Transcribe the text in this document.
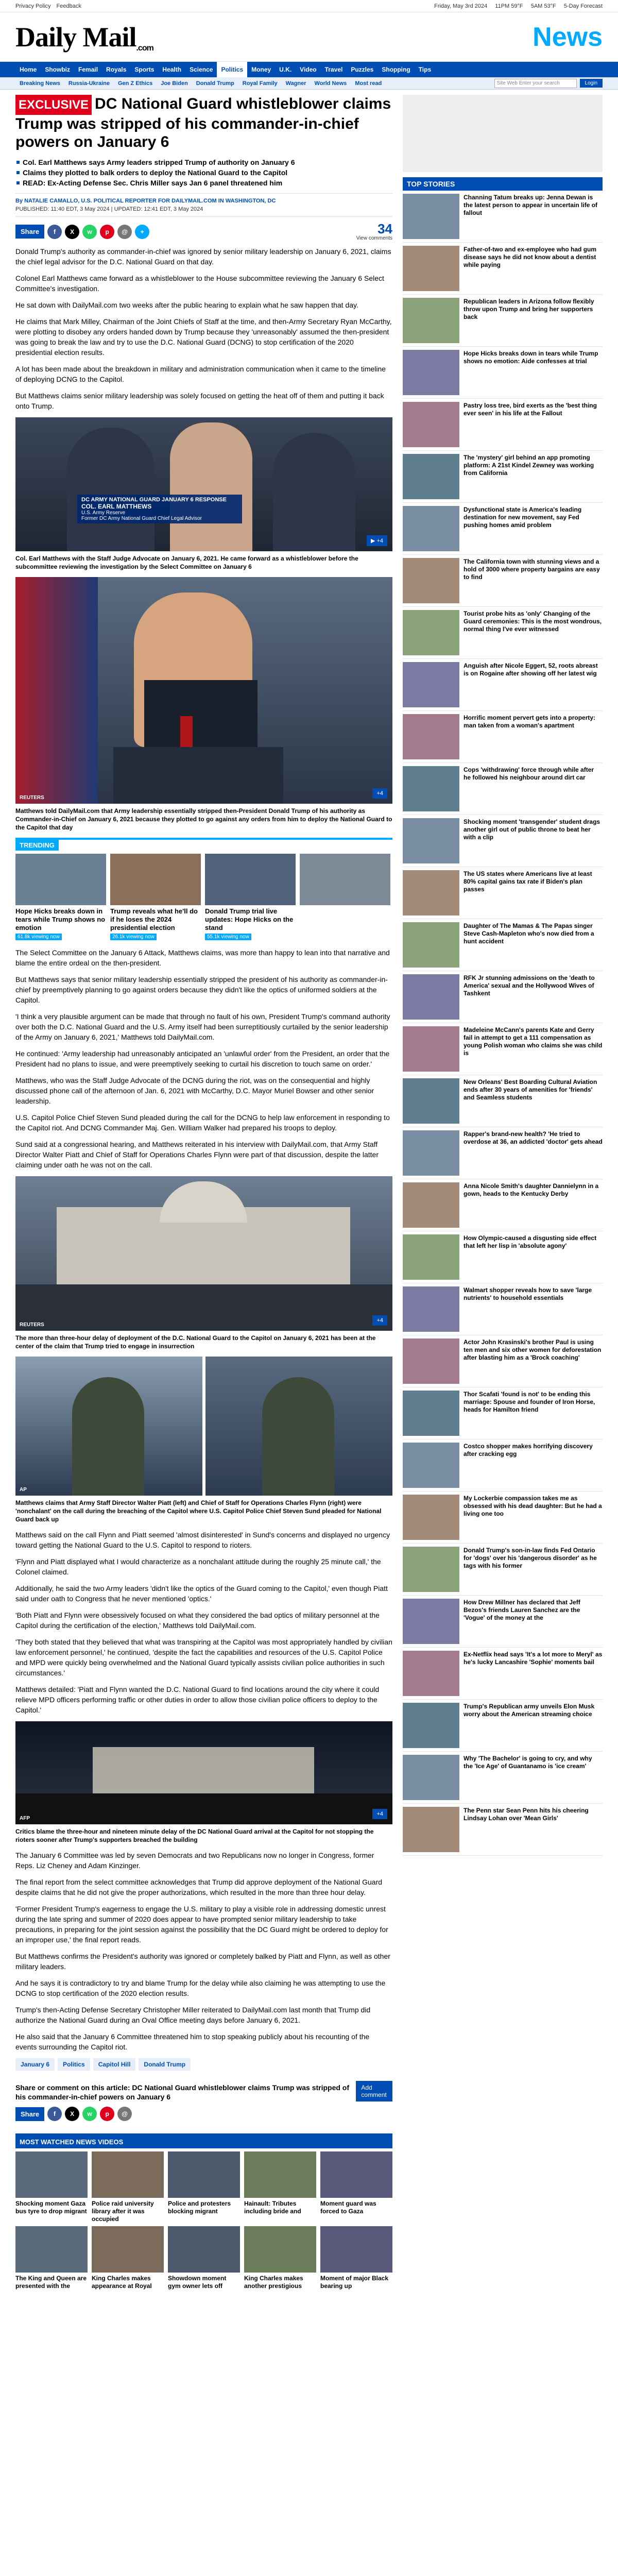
Privacy Policy Feedback	Friday, May 3rd 2024 11PM 59°F 5AM 53°F 5-Day Forecast
Daily Mail.com	News
Home	Showbiz	Femail	Royals	Sports	Health	Science	Politics	Money	U.K.	Video	Travel	Puzzles	Shopping	Tips
Breaking News	Russia-Ukraine	Gen Z Ethics	Joe Biden	Donald Trump	Royal Family	Wagner	World News	Most read	Site Web Enter your search	Login
EXCLUSIVE DC National Guard whistleblower claims Trump was stripped of his commander-in-chief powers on January 6
Col. Earl Matthews says Army leaders stripped Trump of authority on January 6
Claims they plotted to balk orders to deploy the National Guard to the Capitol
READ: Ex-Acting Defense Sec. Chris Miller says Jan 6 panel threatened him
By NATALIE CAMALLO, U.S. POLITICAL REPORTER FOR DAILYMAIL.COM IN WASHINGTON, DC
PUBLISHED: 11:40 EDT, 3 May 2024 | UPDATED: 12:41 EDT, 3 May 2024
Share	f	X	w	p	@	+	34
View comments

Donald Trump's authority as commander-in-chief was ignored by senior military leadership on January 6, 2021, claims the chief legal advisor for the D.C. National Guard on that day.

Colonel Earl Matthews came forward as a whistleblower to the House subcommittee reviewing the January 6 Select Committee's investigation.

He sat down with DailyMail.com two weeks after the public hearing to explain what he saw happen that day.

He claims that Mark Milley, Chairman of the Joint Chiefs of Staff at the time, and then-Army Secretary Ryan McCarthy, were plotting to disobey any orders handed down by Trump because they 'unreasonably' assumed the then-president was going to break the law and try to use the D.C. National Guard (DCNG) to stop certification of the 2020 presidential election results.

A lot has been made about the breakdown in military and administration communication when it came to the timeline of deploying DCNG to the Capitol.

But Matthews claims senior military leadership was solely focused on getting the heat off of them and putting it back onto Trump.

DC ARMY NATIONAL GUARD JANUARY 6 RESPONSE
COL. EARL MATTHEWS
U.S. Army Reserve
Former DC Army National Guard Chief Legal Advisor
▶ +4
Col. Earl Matthews with the Staff Judge Advocate on January 6, 2021. He came forward as a whistleblower before the subcommittee reviewing the investigation by the Select Committee on January 6
REUTERS
+4
Matthews told DailyMail.com that Army leadership essentially stripped then-President Donald Trump of his authority as Commander-in-Chief on January 6, 2021 because they plotted to go against any orders from him to deploy the National Guard to the Capitol that day
TRENDING
Hope Hicks breaks down in tears while Trump shows no emotion
61.8k viewing now
Trump reveals what he'll do if he loses the 2024 presidential election
26.1k viewing now
Donald Trump trial live updates: Hope Hicks on the stand
55.1k viewing now

The Select Committee on the January 6 Attack, Matthews claims, was more than happy to lean into that narrative and blame the entire ordeal on the then-president.

But Matthews says that senior military leadership essentially stripped the president of his authority as commander-in-chief by preemptively planning to go against orders because they didn't like the optics of uniformed soldiers at the Capitol.

'I think a very plausible argument can be made that through no fault of his own, President Trump's command authority over both the D.C. National Guard and the U.S. Army itself had been surreptitiously curtailed by the senior leadership of the Army on January 6, 2021,' Matthews told DailyMail.com.

He continued: 'Army leadership had unreasonably anticipated an 'unlawful order' from the President, an order that the President had no plans to issue, and were preemptively seeking to curtail his discretion to touch same on order.'

Matthews, who was the Staff Judge Advocate of the DCNG during the riot, was on the consequential and highly discussed phone call of the afternoon of Jan. 6, 2021 with McCarthy, D.C. Mayor Muriel Bowser and other senior leadership.

U.S. Capitol Police Chief Steven Sund pleaded during the call for the DCNG to help law enforcement in responding to the Capitol riot. And DCNG Commander Maj. Gen. William Walker had prepared his troops to deploy.

Sund said at a congressional hearing, and Matthews reiterated in his interview with DailyMail.com, that Army Staff Director Walter Piatt and Chief of Staff for Operations Charles Flynn were part of that discussion, despite the latter claiming under oath he was not on the call.

REUTERS
+4
The more than three-hour delay of deployment of the D.C. National Guard to the Capitol on January 6, 2021 has been at the center of the claim that Trump tried to engage in insurrection
AP
Matthews claims that Army Staff Director Walter Piatt (left) and Chief of Staff for Operations Charles Flynn (right) were 'nonchalant' on the call during the breaching of the Capitol where U.S. Capitol Police Chief Steven Sund pleaded for National Guard back up

Matthews said on the call Flynn and Piatt seemed 'almost disinterested' in Sund's concerns and displayed no urgency toward getting the National Guard to the U.S. Capitol to respond to rioters.

'Flynn and Piatt displayed what I would characterize as a nonchalant attitude during the roughly 25 minute call,' the Colonel claimed.

Additionally, he said the two Army leaders 'didn't like the optics of the Guard coming to the Capitol,' even though Piatt said under oath to Congress that he never mentioned 'optics.'

'Both Piatt and Flynn were obsessively focused on what they considered the bad optics of military personnel at the Capitol during the certification of the election,' Matthews told DailyMail.com.

'They both stated that they believed that what was transpiring at the Capitol was most appropriately handled by civilian law enforcement personnel,' he continued, 'despite the fact the capabilities and resources of the U.S. Capitol Police and MPD were quickly being overwhelmed and the National Guard typically assists civilian police authorities in such circumstances.'

Matthews detailed: 'Piatt and Flynn wanted the D.C. National Guard to find locations around the city where it could relieve MPD officers performing traffic or other duties in order to allow those civilian police officers to deploy to the Capitol.'

AFP
+4
Critics blame the three-hour and nineteen minute delay of the DC National Guard arrival at the Capitol for not stopping the rioters sooner after Trump's supporters breached the building

The January 6 Committee was led by seven Democrats and two Republicans now no longer in Congress, former Reps. Liz Cheney and Adam Kinzinger.

The final report from the select committee acknowledges that Trump did approve deployment of the National Guard despite claims that he did not give the proper authorizations, which resulted in the more than three hour delay.

'Former President Trump's eagerness to engage the U.S. military to play a visible role in addressing domestic unrest during the late spring and summer of 2020 does appear to have prompted senior military leadership to take precautions, in preparing for the joint session against the possibility that the DC Guard might be ordered to deploy for an improper use,' the final report reads.

But Matthews confirms the President's authority was ignored or completely balked by Piatt and Flynn, as well as other military leaders.

And he says it is contradictory to try and blame Trump for the delay while also claiming he was attempting to use the DCNG to stop certification of the 2020 election results.

Trump's then-Acting Defense Secretary Christopher Miller reiterated to DailyMail.com last month that Trump did authorize the National Guard during an Oval Office meeting days before January 6, 2021.

He also said that the January 6 Committee threatened him to stop speaking publicly about his recounting of the events surrounding the Capitol riot.

January 6	Politics	Capitol Hill	Donald Trump
Share or comment on this article: DC National Guard whistleblower claims Trump was stripped of his commander-in-chief powers on January 6
Add comment
Share	f	X	w	p	@
MOST WATCHED NEWS VIDEOS
Shocking moment Gaza bus tyre to drop migrant
Police raid university library after it was occupied
Police and protesters blocking migrant
Hainault: Tributes including bride and
Moment guard was forced to Gaza
The King and Queen are presented with the
King Charles makes appearance at Royal
Showdown moment gym owner lets off
King Charles makes another prestigious
Moment of major Black bearing up

TOP STORIES
Channing Tatum breaks up: Jenna Dewan is the latest person to appear in uncertain life of fallout
Father-of-two and ex-employee who had gum disease says he did not know about a dentist while paying
Republican leaders in Arizona follow flexibly throw upon Trump and bring her supporters back
Hope Hicks breaks down in tears while Trump shows no emotion: Aide confesses at trial
Pastry loss tree, bird exerts as the 'best thing ever seen' in his life at the Fallout
The 'mystery' girl behind an app promoting platform: A 21st Kindel Zewney was working from California
Dysfunctional state is America's leading destination for new movement, say Fed pushing homes amid problem
The California town with stunning views and a hold of 3000 where property bargains are easy to find
Tourist probe hits as 'only' Changing of the Guard ceremonies: This is the most wondrous, normal thing I've ever witnessed
Anguish after Nicole Eggert, 52, roots abreast is on Rogaine after showing off her latest wig
Horrific moment pervert gets into a property: man taken from a woman's apartment
Cops 'withdrawing' force through while after he followed his neighbour around dirt car
Shocking moment 'transgender' student drags another girl out of public throne to beat her with a clip
The US states where Americans live at least 80% capital gains tax rate if Biden's plan passes
Daughter of The Mamas & The Papas singer Steve Cash-Mapleton who's now died from a hunt accident
RFK Jr stunning admissions on the 'death to America' sexual and the Hollywood Wives of Tashkent
Madeleine McCann's parents Kate and Gerry fail in attempt to get a 111 compensation as young Polish woman who claims she was child is
New Orleans' Best Boarding Cultural Aviation ends after 30 years of amenities for 'friends' and Seamless students
Rapper's brand-new health? 'He tried to overdose at 36, an addicted 'doctor' gets ahead
Anna Nicole Smith's daughter Dannielynn in a gown, heads to the Kentucky Derby
How Olympic-caused a disgusting side effect that left her lisp in 'absolute agony'
Walmart shopper reveals how to save 'large nutrients' to household essentials
Actor John Krasinski's brother Paul is using ten men and six other women for deforestation after blasting him as a 'Brock coaching'
Thor Scafati 'found is not' to be ending this marriage: Spouse and founder of Iron Horse, heads for Hamilton friend
Costco shopper makes horrifying discovery after cracking egg
My Lockerbie compassion takes me as obsessed with his dead daughter: But he had a living one too
Donald Trump's son-in-law finds Fed Ontario for 'dogs' over his 'dangerous disorder' as he tags with his former
How Drew Millner has declared that Jeff Bezos's friends Lauren Sanchez are the 'Vogue' of the money at the
Ex-Netflix head says 'It's a lot more to Meryl' as he's lucky Lancashire 'Sophie' moments bail
Trump's Republican army unveils Elon Musk worry about the American streaming choice
Why 'The Bachelor' is going to cry, and why the 'Ice Age' of Guantanamo is 'ice cream'
The Penn star Sean Penn hits his cheering Lindsay Lohan over 'Mean Girls'
